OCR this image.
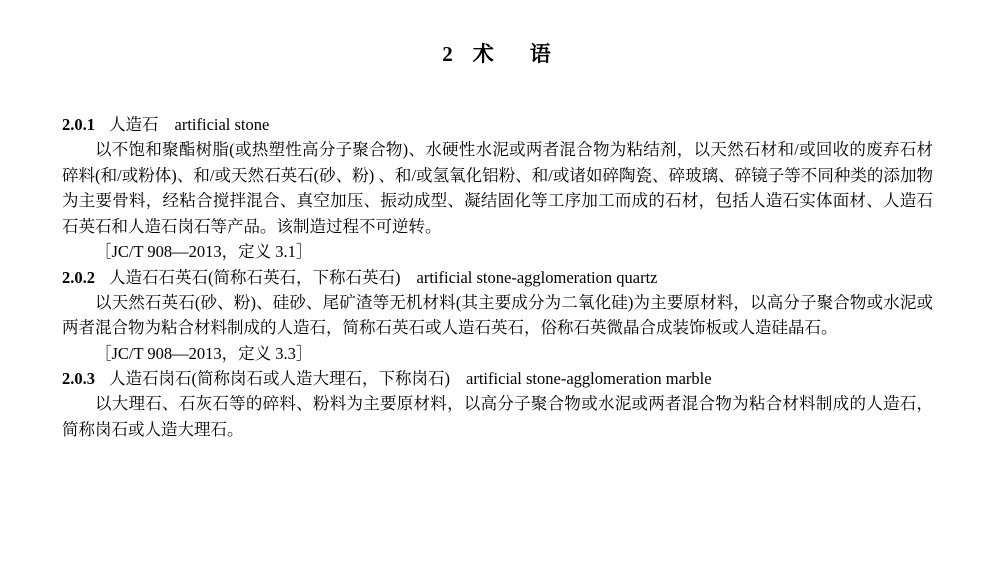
2 术 语

2.0.1 人造石 artificial stone

以不饱和聚酯树脂(或热塑性高分子聚合物)、水硬性水泥或两者混合物为粘结剂，以天然石材和/或回收的废弃石材碎料(和/或粉体)、和/或天然石英石(砂、粉) 、和/或氢氧化铝粉、和/或诸如碎陶瓷、碎玻璃、碎镜子等不同种类的添加物为主要骨料，经粘合搅拌混合、真空加压、振动成型、凝结固化等工序加工而成的石材，包括人造石实体面材、人造石石英石和人造石岗石等产品。该制造过程不可逆转。

［JC/T 908—2013，定义 3.1］

2.0.2 人造石石英石(简称石英石，下称石英石) artificial stone-agglomeration quartz

以天然石英石(砂、粉)、硅砂、尾矿渣等无机材料(其主要成分为二氧化硅)为主要原材料，以高分子聚合物或水泥或两者混合物为粘合材料制成的人造石，简称石英石或人造石英石，俗称石英微晶合成装饰板或人造硅晶石。

［JC/T 908—2013，定义 3.3］

2.0.3 人造石岗石(简称岗石或人造大理石，下称岗石) artificial stone-agglomeration marble

以大理石、石灰石等的碎料、粉料为主要原材料，以高分子聚合物或水泥或两者混合物为粘合材料制成的人造石，简称岗石或人造大理石。
